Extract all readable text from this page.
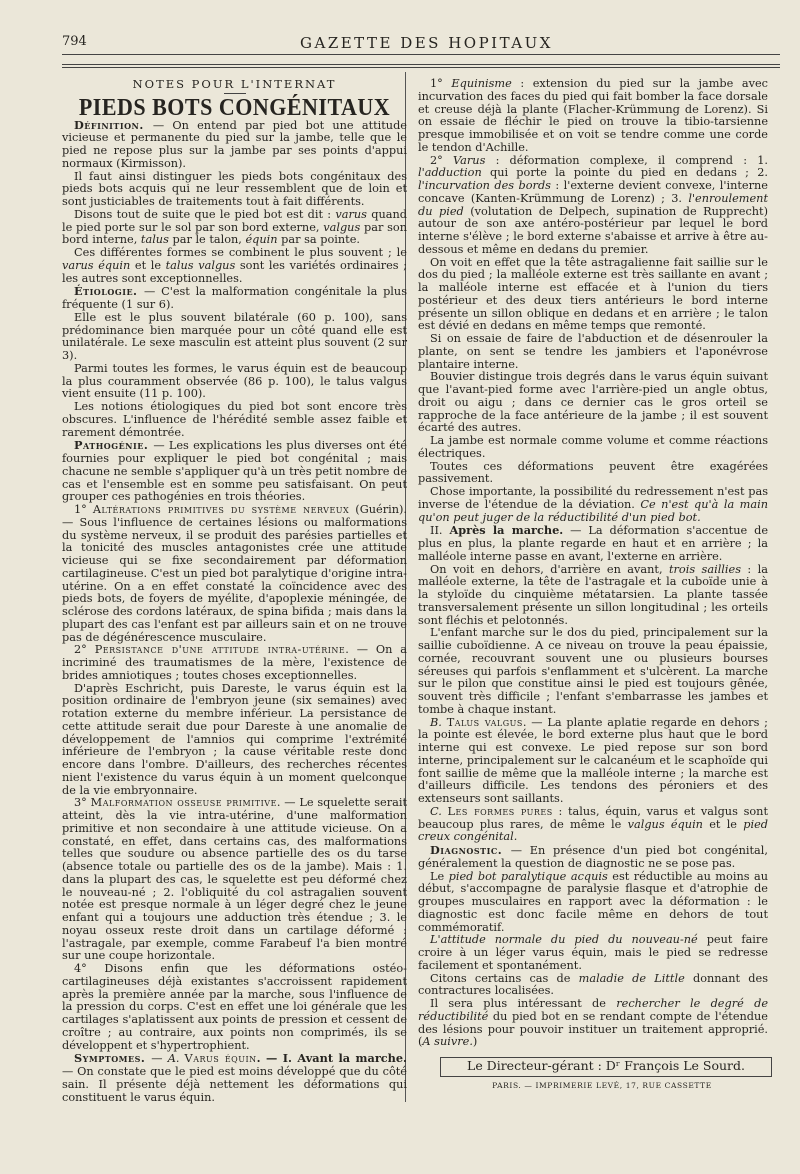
794	GAZETTE DES HOPITAUX
NOTES POUR L'INTERNAT
PIEDS BOTS CONGÉNITAUX

Définition. — On entend par pied bot une attitude vicieuse et permanente du pied sur la jambe, telle que le pied ne repose plus sur la jambe par ses points d'appui normaux (Kirmisson).

Il faut ainsi distinguer les pieds bots congénitaux des pieds bots acquis qui ne leur ressemblent que de loin et sont justiciables de traitements tout à fait différents.

Disons tout de suite que le pied bot est dit : varus quand le pied porte sur le sol par son bord externe, valgus par son bord interne, talus par le talon, équin par sa pointe.

Ces différentes formes se combinent le plus souvent ; le varus équin et le talus valgus sont les variétés ordinaires ; les autres sont exceptionnelles.

Étiologie. — C'est la malformation congénitale la plus fréquente (1 sur 6).

Elle est le plus souvent bilatérale (60 p. 100), sans prédominance bien marquée pour un côté quand elle est unilatérale. Le sexe masculin est atteint plus souvent (2 sur 3).

Parmi toutes les formes, le varus équin est de beaucoup la plus couramment observée (86 p. 100), le talus valgus vient ensuite (11 p. 100).

Les notions étiologiques du pied bot sont encore très obscures. L'influence de l'hérédité semble assez faible et rarement démontrée.

Pathogénie. — Les explications les plus diverses ont été fournies pour expliquer le pied bot congénital ; mais chacune ne semble s'appliquer qu'à un très petit nombre de cas et l'ensemble est en somme peu satisfaisant. On peut grouper ces pathogénies en trois théories.

1° Altérations primitives du système nerveux (Guérin). — Sous l'influence de certaines lésions ou malformations du système nerveux, il se produit des parésies partielles et la tonicité des muscles antagonistes crée une attitude vicieuse qui se fixe secondairement par déformation cartilagineuse. C'est un pied bot paralytique d'origine intra-utérine. On a en effet constaté la coïncidence avec des pieds bots, de foyers de myélite, d'apoplexie méningée, de sclérose des cordons latéraux, de spina bifida ; mais dans la plupart des cas l'enfant est par ailleurs sain et on ne trouve pas de dégénérescence musculaire.

2° Persistance d'une attitude intra-utérine. — On a incriminé des traumatismes de la mère, l'existence de brides amniotiques ; toutes choses exceptionnelles.

D'après Eschricht, puis Dareste, le varus équin est la position ordinaire de l'embryon jeune (six semaines) avec rotation externe du membre inférieur. La persistance de cette attitude serait due pour Dareste à une anomalie de développement de l'amnios qui comprime l'extrémité inférieure de l'embryon ; la cause véritable reste donc encore dans l'ombre. D'ailleurs, des recherches récentes nient l'existence du varus équin à un moment quelconque de la vie embryonnaire.

3° Malformation osseuse primitive. — Le squelette serait atteint, dès la vie intra-utérine, d'une malformation primitive et non secondaire à une attitude vicieuse. On a constaté, en effet, dans certains cas, des malformations telles que soudure ou absence partielle des os du tarse (absence totale ou partielle des os de la jambe). Mais : 1. dans la plupart des cas, le squelette est peu déformé chez le nouveau-né ; 2. l'obliquité du col astragalien souvent notée est presque normale à un léger degré chez le jeune enfant qui a toujours une adduction très étendue ; 3. le noyau osseux reste droit dans un cartilage déformé : l'astragale, par exemple, comme Farabeuf l'a bien montré sur une coupe horizontale.

4° Disons enfin que les déformations ostéo-cartilagineuses déjà existantes s'accroissent rapidement après la première année par la marche, sous l'influence de la pression du corps. C'est en effet une loi générale que les cartilages s'aplatissent aux points de pression et cessent de croître ; au contraire, aux points non comprimés, ils se développent et s'hypertrophient.

Symptomes. — A. Varus équin. — I. Avant la marche. — On constate que le pied est moins développé que du côté sain. Il présente déjà nettement les déformations qui constituent le varus équin.

1° Equinisme : extension du pied sur la jambe avec incurvation des faces du pied qui fait bomber la face dorsale et creuse déjà la plante (Flacher-Krümmung de Lorenz). Si on essaie de fléchir le pied on trouve la tibio-tarsienne presque immobilisée et on voit se tendre comme une corde le tendon d'Achille.

2° Varus : déformation complexe, il comprend : 1. l'adduction qui porte la pointe du pied en dedans ; 2. l'incurvation des bords : l'externe devient convexe, l'interne concave (Kanten-Krümmung de Lorenz) ; 3. l'enroulement du pied (volutation de Delpech, supination de Rupprecht) autour de son axe antéro-postérieur par lequel le bord interne s'élève ; le bord externe s'abaisse et arrive à être au-dessous et même en dedans du premier.

On voit en effet que la tête astragalienne fait saillie sur le dos du pied ; la malléole externe est très saillante en avant ; la malléole interne est effacée et à l'union du tiers postérieur et des deux tiers antérieurs le bord interne présente un sillon oblique en dedans et en arrière ; le talon est dévié en dedans en même temps que remonté.

Si on essaie de faire de l'abduction et de désenrouler la plante, on sent se tendre les jambiers et l'aponévrose plantaire interne.

Bouvier distingue trois degrés dans le varus équin suivant que l'avant-pied forme avec l'arrière-pied un angle obtus, droit ou aigu ; dans ce dernier cas le gros orteil se rapproche de la face antérieure de la jambe ; il est souvent écarté des autres.

La jambe est normale comme volume et comme réactions électriques.

Toutes ces déformations peuvent être exagérées passivement.

Chose importante, la possibilité du redressement n'est pas inverse de l'étendue de la déviation. Ce n'est qu'à la main qu'on peut juger de la réductibilité d'un pied bot.

II. Après la marche. — La déformation s'accentue de plus en plus, la plante regarde en haut et en arrière ; la malléole interne passe en avant, l'externe en arrière.

On voit en dehors, d'arrière en avant, trois saillies : la malléole externe, la tête de l'astragale et la cuboïde unie à la styloïde du cinquième métatarsien. La plante tassée transversalement présente un sillon longitudinal ; les orteils sont fléchis et pelotonnés.

L'enfant marche sur le dos du pied, principalement sur la saillie cuboïdienne. A ce niveau on trouve la peau épaissie, cornée, recouvrant souvent une ou plusieurs bourses séreuses qui parfois s'enflamment et s'ulcèrent. La marche sur le pilon que constitue ainsi le pied est toujours gênée, souvent très difficile ; l'enfant s'embarrasse les jambes et tombe à chaque instant.

B. Talus valgus. — La plante aplatie regarde en dehors ; la pointe est élevée, le bord externe plus haut que le bord interne qui est convexe. Le pied repose sur son bord interne, principalement sur le calcanéum et le scaphoïde qui font saillie de même que la malléole interne ; la marche est d'ailleurs difficile. Les tendons des péroniers et des extenseurs sont saillants.

C. Les formes pures : talus, équin, varus et valgus sont beaucoup plus rares, de même le valgus équin et le pied creux congénital.

Diagnostic. — En présence d'un pied bot congénital, généralement la question de diagnostic ne se pose pas.

Le pied bot paralytique acquis est réductible au moins au début, s'accompagne de paralysie flasque et d'atrophie de groupes musculaires en rapport avec la déformation : le diagnostic est donc facile même en dehors de tout commémoratif.

L'attitude normale du pied du nouveau-né peut faire croire à un léger varus équin, mais le pied se redresse facilement et spontanément.

Citons certains cas de maladie de Little donnant des contractures localisées.

Il sera plus intéressant de rechercher le degré de réductibilité du pied bot en se rendant compte de l'étendue des lésions pour pouvoir instituer un traitement approprié. (A suivre.)

Le Directeur-gérant : Dʳ François Le Sourd.
PARIS. — IMPRIMERIE LEVÉ, 17, RUE CASSETTE
